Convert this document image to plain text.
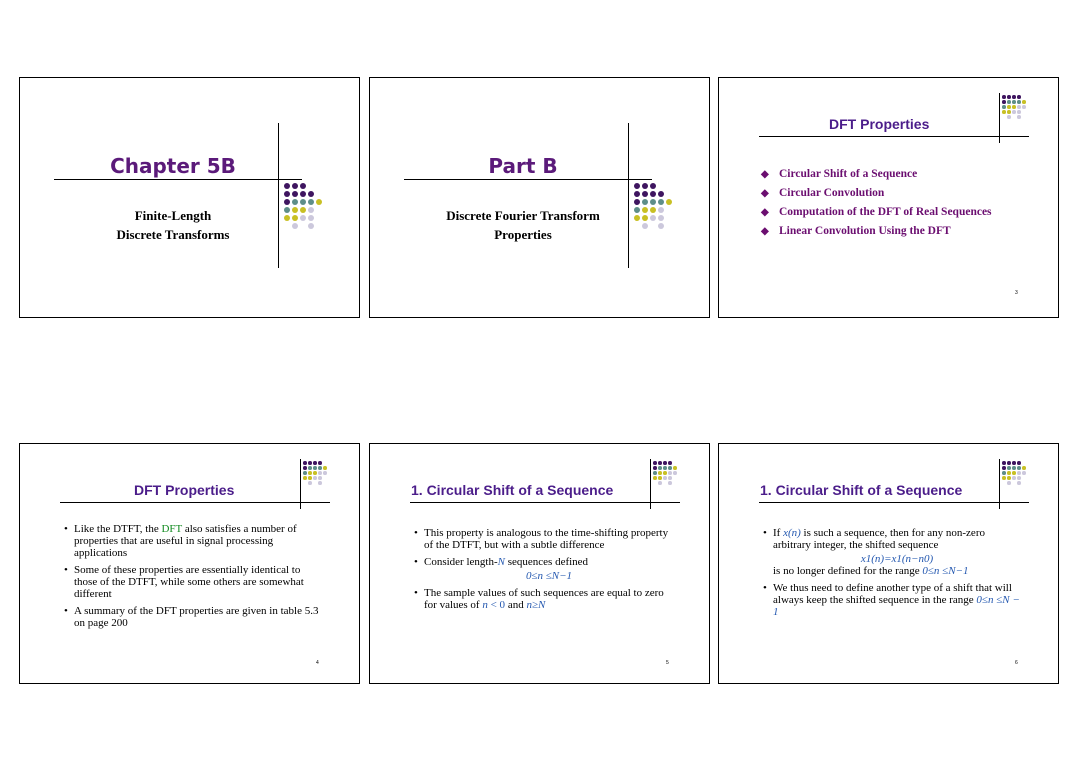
Chapter 5B
Finite-Length
Discrete Transforms
Part B
Discrete Fourier Transform
Properties
DFT Properties
◆ Circular Shift of a Sequence
◆ Circular Convolution
◆ Computation of the DFT of Real Sequences
◆ Linear Convolution Using the DFT
3
DFT Properties
• Like the DTFT, the DFT also satisfies a number of properties that are useful in signal processing applications
• Some of these properties are essentially identical to those of the DTFT, while some others are somewhat different
• A summary of the DFT properties are given in table 5.3 on page 200
4
1. Circular Shift of a Sequence
• This property is analogous to the time-shifting property of the DTFT, but with a subtle difference
• Consider length-N sequences defined
0≤n ≤N−1
• The sample values of such sequences are equal to zero for values of n < 0 and n≥N
5
1. Circular Shift of a Sequence
• If x(n) is such a sequence, then for any non-zero arbitrary integer, the shifted sequence
x1(n)=x1(n−n0)
is no longer defined for the range 0≤n ≤N−1
• We thus need to define another type of a shift that will always keep the shifted sequence in the range 0≤n ≤N − 1
6
